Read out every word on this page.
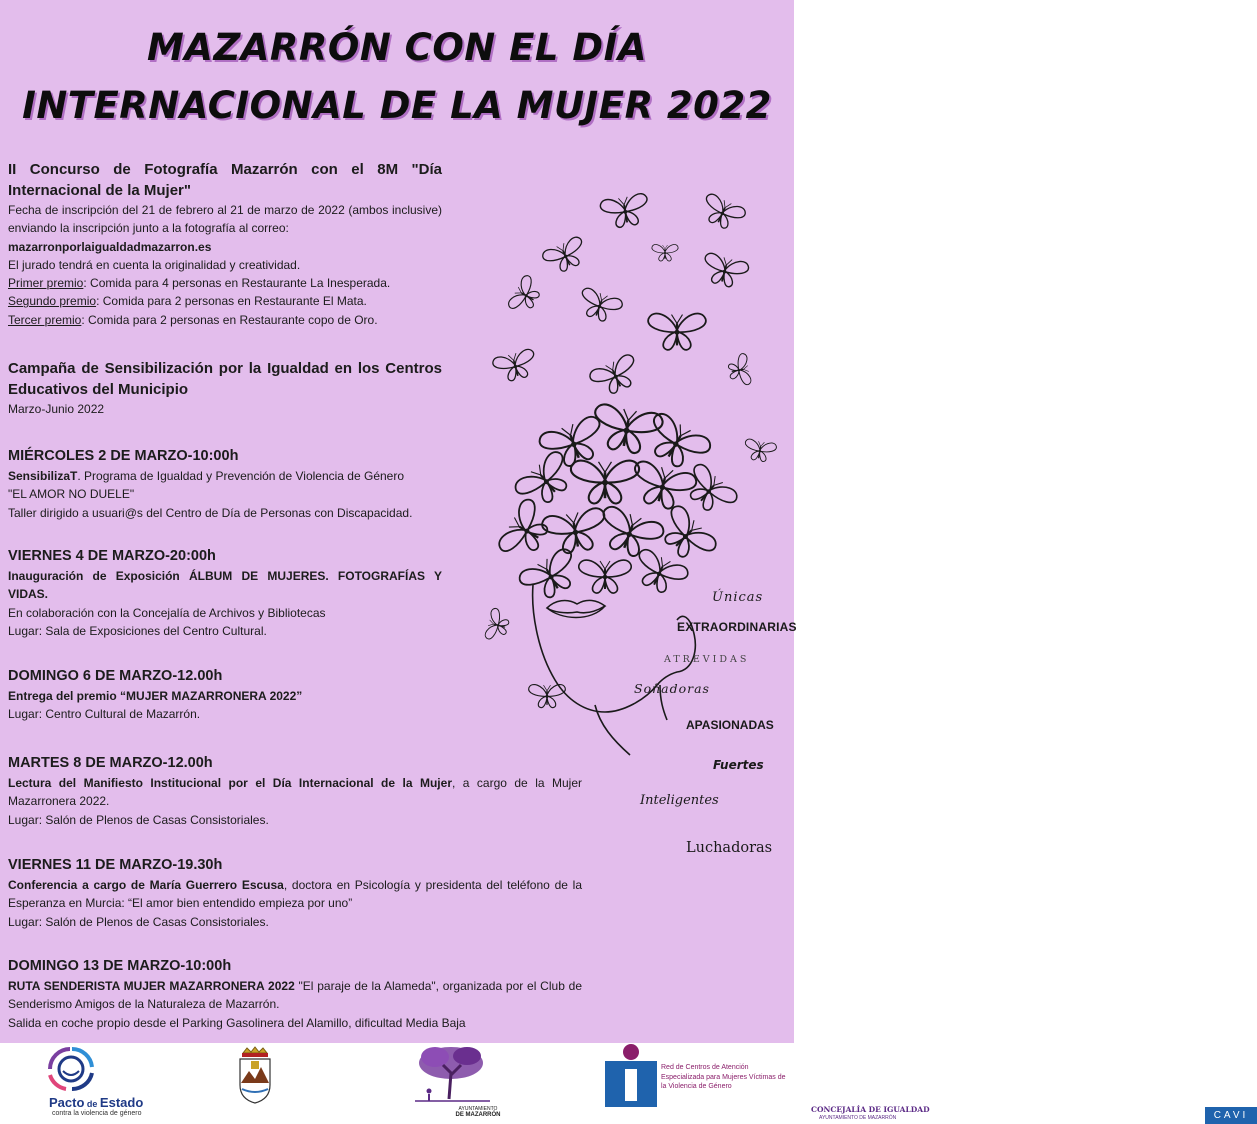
MAZARRÓN CON EL DÍA
INTERNACIONAL DE LA MUJER 2022

II Concurso de Fotografía Mazarrón con el 8M "Día Internacional de la Mujer"

Fecha de inscripción del 21 de febrero al 21 de marzo de 2022 (ambos inclusive) enviando la inscripción junto a la fotografía al correo:

mazarronporlaigualdadmazarron.es

El jurado tendrá en cuenta la originalidad y creatividad.

Primer premio: Comida para 4 personas en Restaurante La Inesperada.

Segundo premio: Comida para 2 personas en Restaurante El Mata.

Tercer premio: Comida para 2 personas en Restaurante copo de Oro.

Campaña de Sensibilización por la Igualdad en los Centros Educativos del Municipio

Marzo-Junio 2022

MIÉRCOLES 2 DE MARZO-10:00h

SensibilizaT. Programa de Igualdad y Prevención de Violencia de Género

"EL AMOR NO DUELE"

Taller dirigido a usuari@s del Centro de Día de Personas con Discapacidad.

VIERNES 4 DE MARZO-20:00h

Inauguración de Exposición ÁLBUM DE MUJERES. FOTOGRAFÍAS Y VIDAS.

En colaboración con la Concejalía de Archivos y Bibliotecas

Lugar: Sala de Exposiciones del Centro Cultural.

DOMINGO 6 DE MARZO-12.00h

Entrega del premio “MUJER MAZARRONERA 2022”

Lugar: Centro Cultural de Mazarrón.

MARTES 8 DE MARZO-12.00h

Lectura del Manifiesto Institucional por el Día Internacional de la Mujer, a cargo de la Mujer Mazarronera 2022.

Lugar: Salón de Plenos de Casas Consistoriales.

VIERNES 11 DE MARZO-19.30h

Conferencia a cargo de María Guerrero Escusa, doctora en Psicología y presidenta del teléfono de la Esperanza en Murcia: “El amor bien entendido empieza por uno”

Lugar: Salón de Plenos de Casas Consistoriales.

DOMINGO 13 DE MARZO-10:00h

RUTA SENDERISTA MUJER MAZARRONERA 2022 "El paraje de la Alameda", organizada por el Club de Senderismo Amigos de la Naturaleza de Mazarrón.

Salida en coche propio desde el Parking Gasolinera del Alamillo, dificultad Media Baja

Únicas
EXTRAORDINARIAS
ATREVIDAS
Soñadoras
APASIONADAS
Fuertes
Inteligentes
Luchadoras
Pacto de Estado
contra la violencia de género
AYUNTAMIENTO
DE MAZARRÓN
CONCEJALÍA DE IGUALDAD
AYUNTAMIENTO DE MAZARRÓN	CAVI
Red de Centros de Atención Especializada para Mujeres Víctimas de la Violencia de Género
